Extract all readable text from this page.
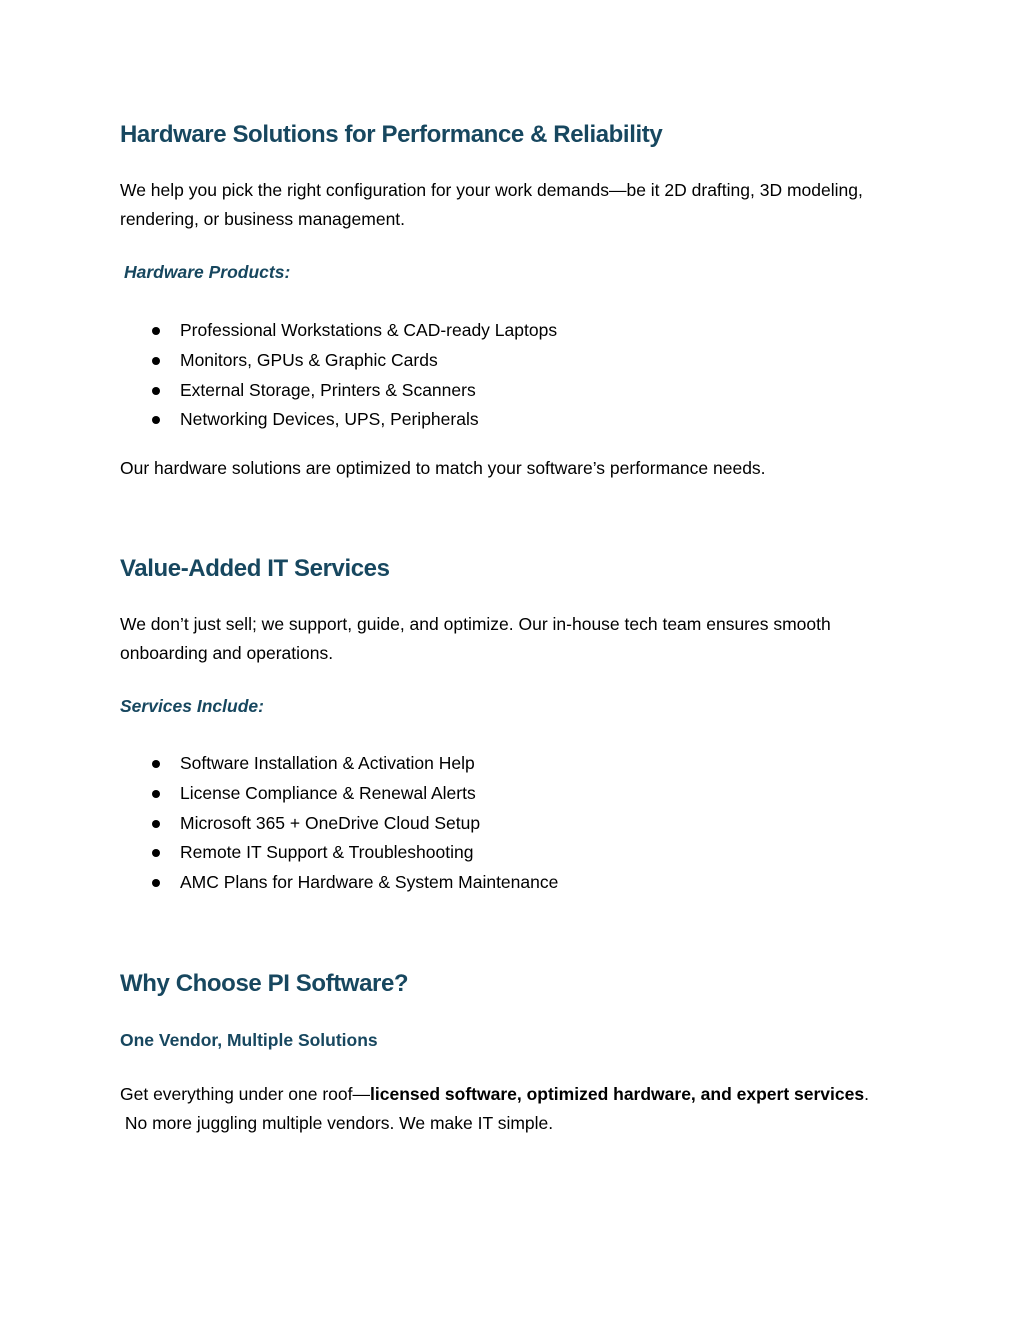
Hardware Solutions for Performance & Reliability

We help you pick the right configuration for your work demands—be it 2D drafting, 3D modeling, rendering, or business management.

Hardware Products:

Professional Workstations & CAD-ready Laptops
Monitors, GPUs & Graphic Cards
External Storage, Printers & Scanners
Networking Devices, UPS, Peripherals

Our hardware solutions are optimized to match your software’s performance needs.

Value-Added IT Services

We don’t just sell; we support, guide, and optimize. Our in-house tech team ensures smooth onboarding and operations.

Services Include:

Software Installation & Activation Help
License Compliance & Renewal Alerts
Microsoft 365 + OneDrive Cloud Setup
Remote IT Support & Troubleshooting
AMC Plans for Hardware & System Maintenance
Why Choose PI Software?

One Vendor, Multiple Solutions

Get everything under one roof—licensed software, optimized hardware, and expert services.
No more juggling multiple vendors. We make IT simple.
